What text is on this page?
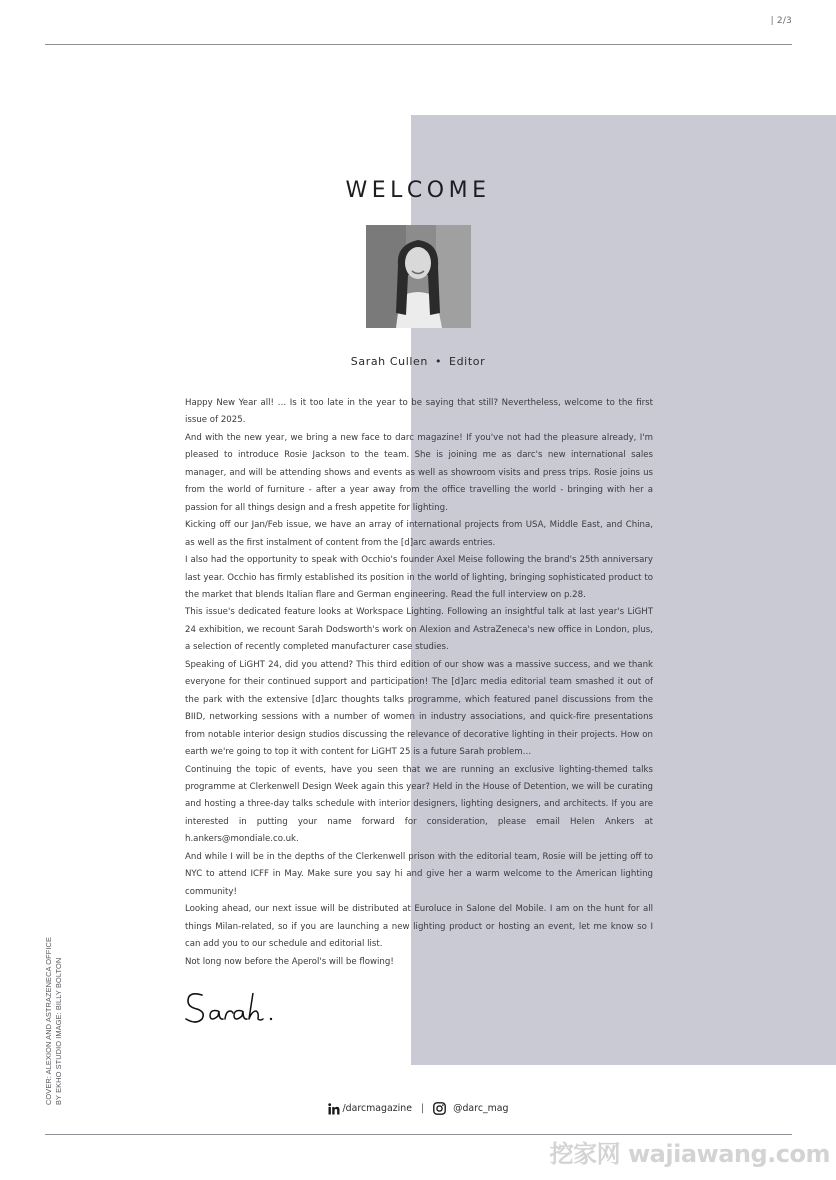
| 2/3
WELCOME
Sarah Cullen • Editor

Happy New Year all! … Is it too late in the year to be saying that still? Nevertheless, welcome to the first issue of 2025.

And with the new year, we bring a new face to darc magazine! If you've not had the pleasure already, I'm pleased to introduce Rosie Jackson to the team. She is joining me as darc's new international sales manager, and will be attending shows and events as well as showroom visits and press trips. Rosie joins us from the world of furniture - after a year away from the office travelling the world - bringing with her a passion for all things design and a fresh appetite for lighting.

Kicking off our Jan/Feb issue, we have an array of international projects from USA, Middle East, and China, as well as the first instalment of content from the [d]arc awards entries.

I also had the opportunity to speak with Occhio's founder Axel Meise following the brand's 25th anniversary last year. Occhio has firmly established its position in the world of lighting, bringing sophisticated product to the market that blends Italian flare and German engineering. Read the full interview on p.28.

This issue's dedicated feature looks at Workspace Lighting. Following an insightful talk at last year's LiGHT 24 exhibition, we recount Sarah Dodsworth's work on Alexion and AstraZeneca's new office in London, plus, a selection of recently completed manufacturer case studies.

Speaking of LiGHT 24, did you attend? This third edition of our show was a massive success, and we thank everyone for their continued support and participation! The [d]arc media editorial team smashed it out of the park with the extensive [d]arc thoughts talks programme, which featured panel discussions from the BIID, networking sessions with a number of women in industry associations, and quick-fire presentations from notable interior design studios discussing the relevance of decorative lighting in their projects. How on earth we're going to top it with content for LiGHT 25 is a future Sarah problem…

Continuing the topic of events, have you seen that we are running an exclusive lighting-themed talks programme at Clerkenwell Design Week again this year? Held in the House of Detention, we will be curating and hosting a three-day talks schedule with interior designers, lighting designers, and architects. If you are interested in putting your name forward for consideration, please email Helen Ankers at h.ankers@mondiale.co.uk.

And while I will be in the depths of the Clerkenwell prison with the editorial team, Rosie will be jetting off to NYC to attend ICFF in May. Make sure you say hi and give her a warm welcome to the American lighting community!

Looking ahead, our next issue will be distributed at Euroluce in Salone del Mobile. I am on the hunt for all things Milan-related, so if you are launching a new lighting product or hosting an event, let me know so I can add you to our schedule and editorial list.

Not long now before the Aperol's will be flowing!

COVER: ALEXION AND ASTRAZENECA OFFICE BY EKHO STUDIO IMAGE: BILLY BOLTON
/darcmagazine |	@darc_mag
挖家网 wajiawang.com
